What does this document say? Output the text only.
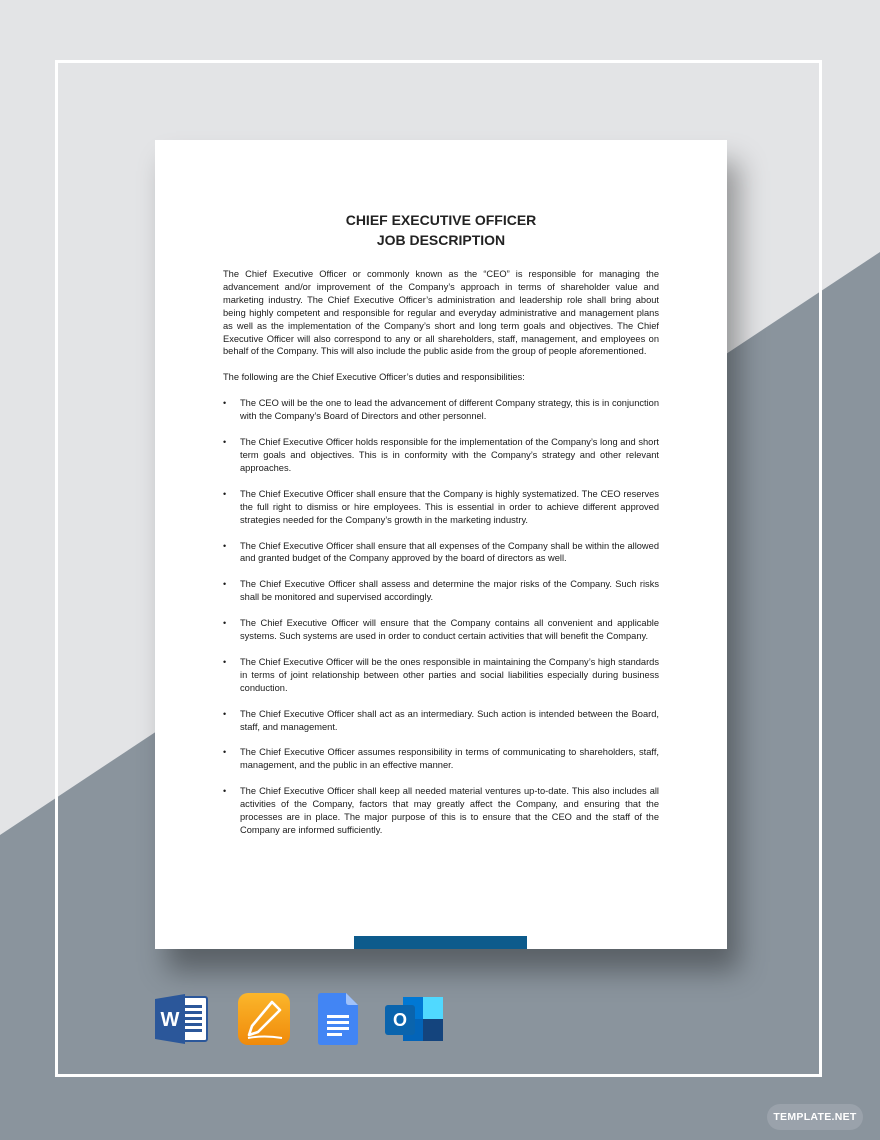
CHIEF EXECUTIVE OFFICER
JOB DESCRIPTION

The Chief Executive Officer or commonly known as the “CEO” is responsible for managing the advancement and/or improvement of the Company’s approach in terms of shareholder value and marketing industry. The Chief Executive Officer’s administration and leadership role shall bring about being highly competent and responsible for regular and everyday administrative and management plans as well as the implementation of the Company’s short and long term goals and objectives. The Chief Executive Officer will also correspond to any or all shareholders, staff, management, and employees on behalf of the Company. This will also include the public aside from the group of people aforementioned.

The following are the Chief Executive Officer’s duties and responsibilities:

• The CEO will be the one to lead the advancement of different Company strategy, this is in conjunction with the Company’s Board of Directors and other personnel.
• The Chief Executive Officer holds responsible for the implementation of the Company’s long and short term goals and objectives. This is in conformity with the Company’s strategy and other relevant approaches.
• The Chief Executive Officer shall ensure that the Company is highly systematized. The CEO reserves the full right to dismiss or hire employees. This is essential in order to achieve different approved strategies needed for the Company’s growth in the marketing industry.
• The Chief Executive Officer shall ensure that all expenses of the Company shall be within the allowed and granted budget of the Company approved by the board of directors as well.
• The Chief Executive Officer shall assess and determine the major risks of the Company. Such risks shall be monitored and supervised accordingly.
• The Chief Executive Officer will ensure that the Company contains all convenient and applicable systems. Such systems are used in order to conduct certain activities that will benefit the Company.
• The Chief Executive Officer will be the ones responsible in maintaining the Company’s high standards in terms of joint relationship between other parties and social liabilities especially during business conduction.
• The Chief Executive Officer shall act as an intermediary. Such action is intended between the Board, staff, and management.
• The Chief Executive Officer assumes responsibility in terms of communicating to shareholders, staff, management, and the public in an effective manner.
• The Chief Executive Officer shall keep all needed material ventures up-to-date. This also includes all activities of the Company, factors that may greatly affect the Company, and ensuring that the processes are in place. The major purpose of this is to ensure that the CEO and the staff of the Company are informed sufficiently.
W	O
TEMPLATE.NET
